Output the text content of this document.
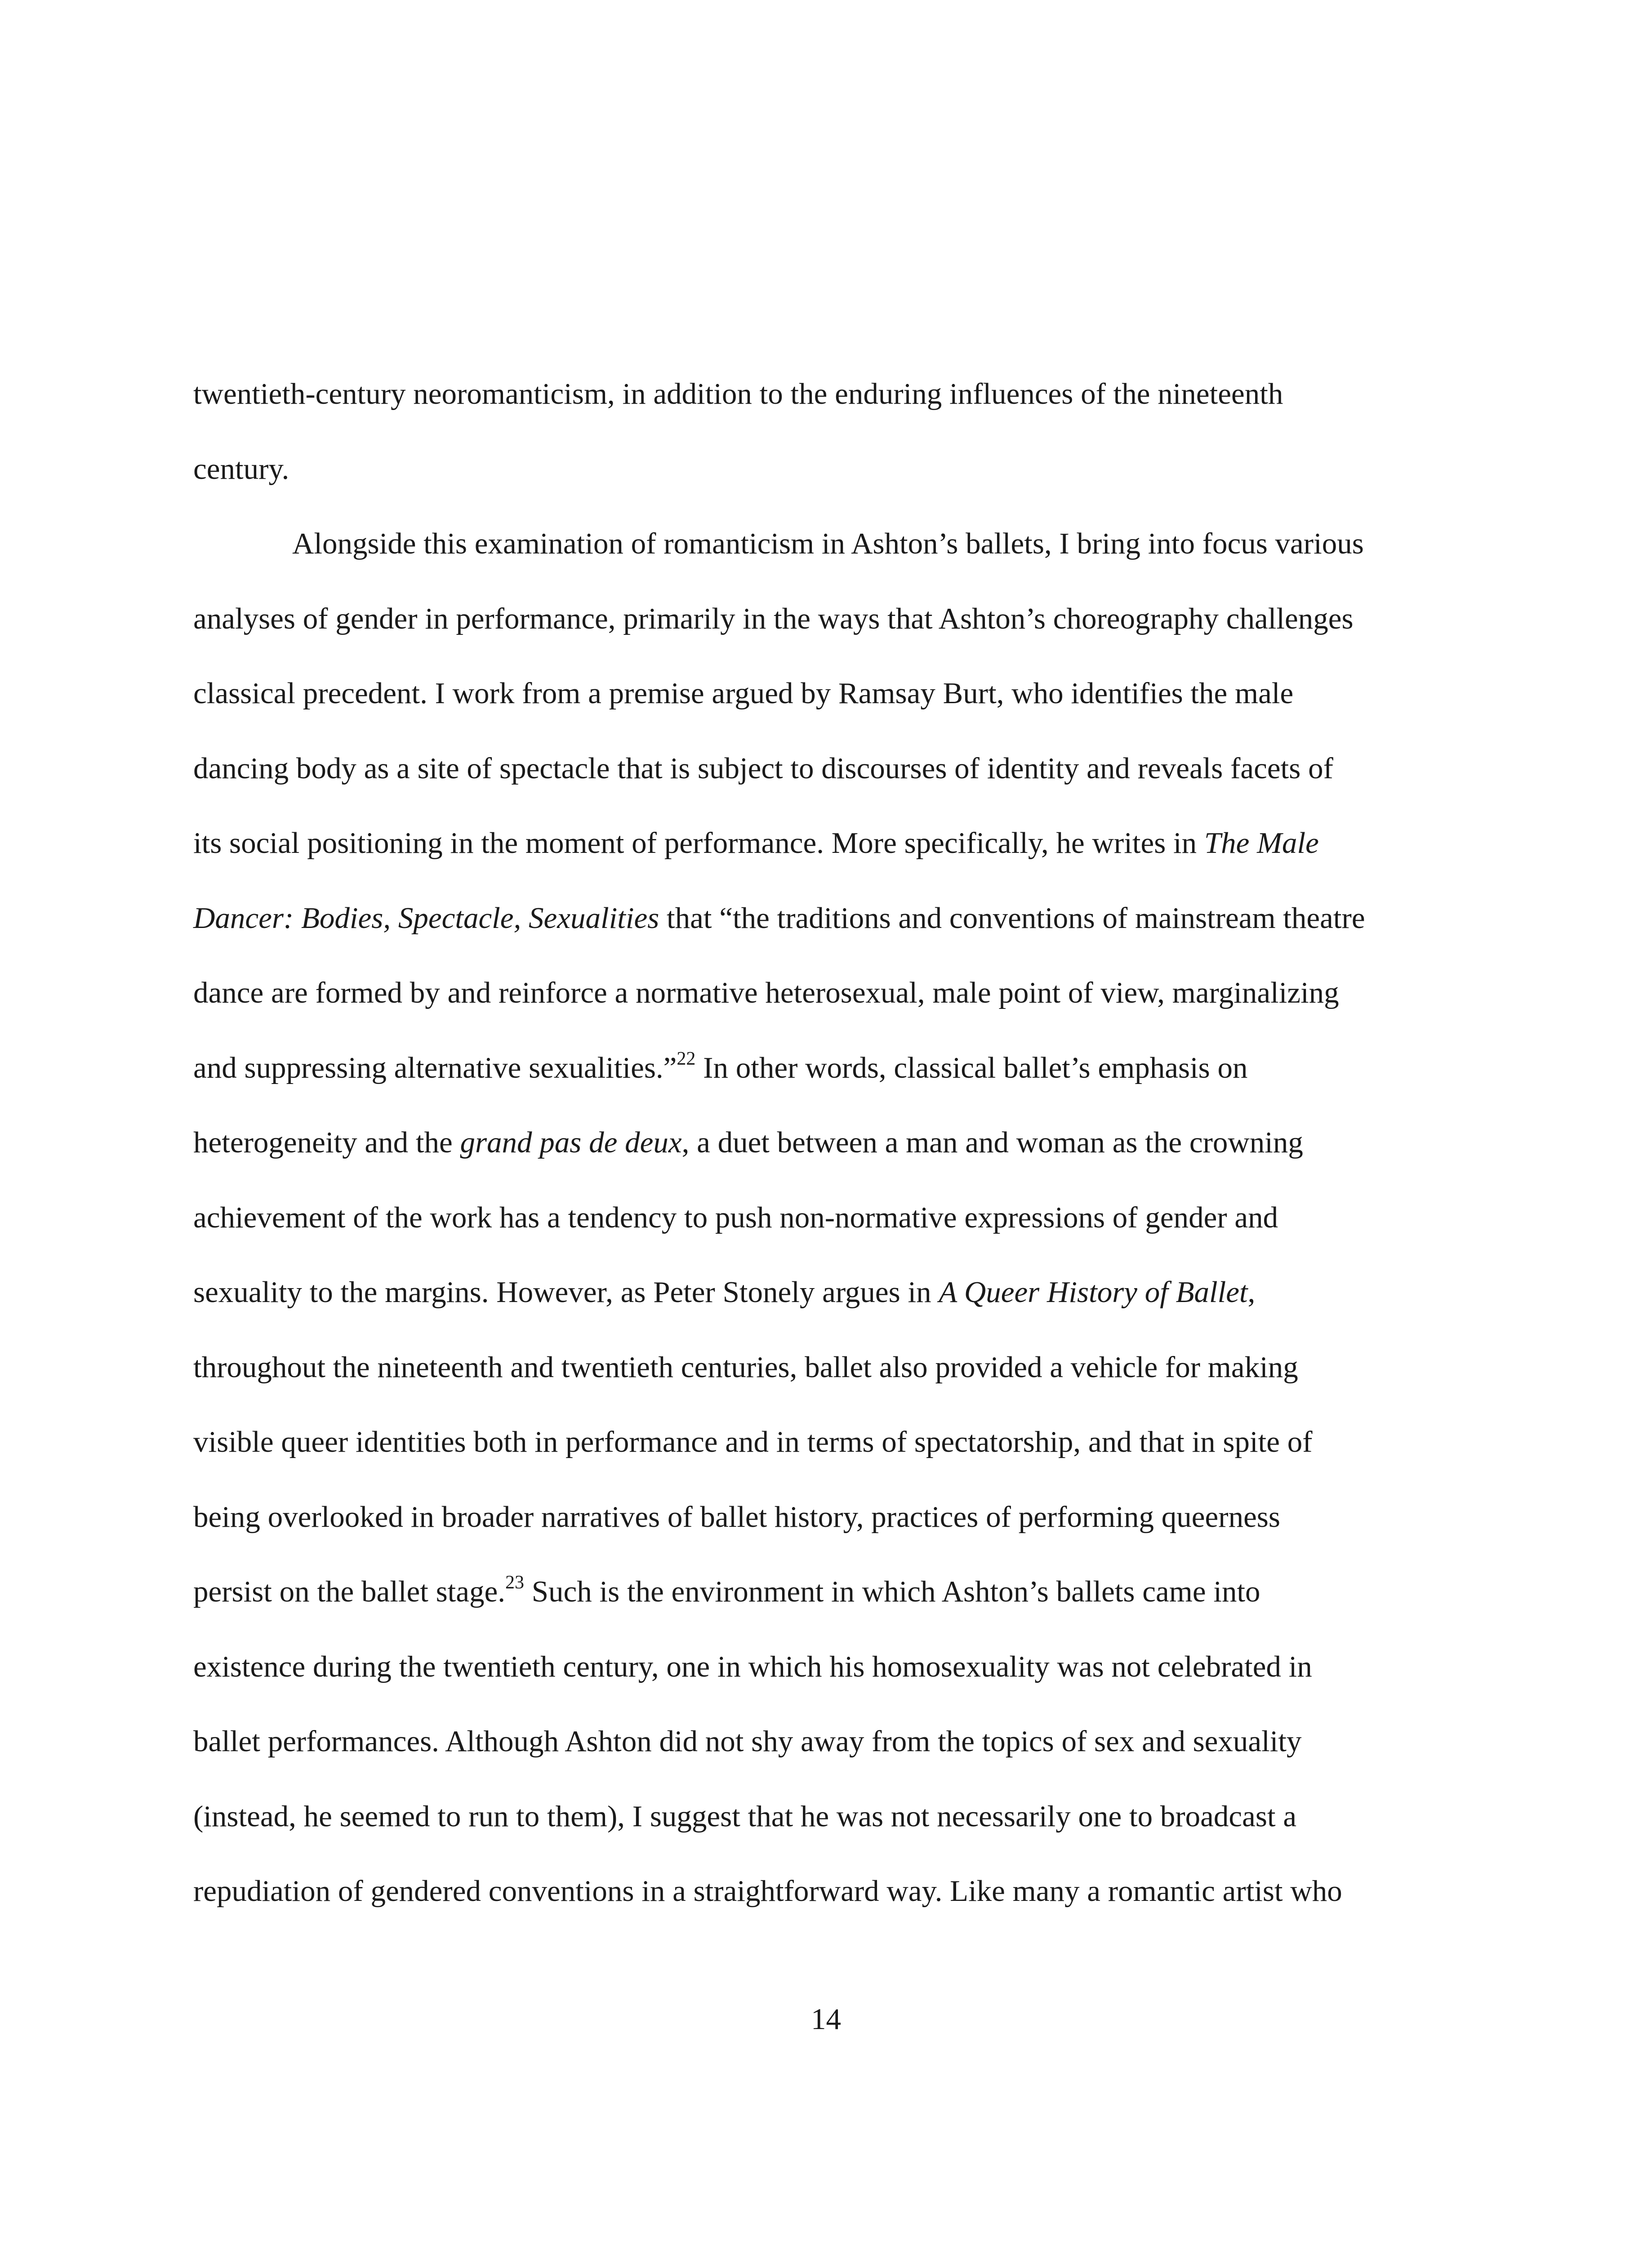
twentieth-century neoromanticism, in addition to the enduring influences of the nineteenth
century.
Alongside this examination of romanticism in Ashton’s ballets, I bring into focus various
analyses of gender in performance, primarily in the ways that Ashton’s choreography challenges
classical precedent. I work from a premise argued by Ramsay Burt, who identifies the male
dancing body as a site of spectacle that is subject to discourses of identity and reveals facets of
its social positioning in the moment of performance. More specifically, he writes in The Male
Dancer: Bodies, Spectacle, Sexualities that “the traditions and conventions of mainstream theatre
dance are formed by and reinforce a normative heterosexual, male point of view, marginalizing
and suppressing alternative sexualities.”$^{22}$ In other words, classical ballet’s emphasis on
heterogeneity and the grand pas de deux, a duet between a man and woman as the crowning
achievement of the work has a tendency to push non-normative expressions of gender and
sexuality to the margins. However, as Peter Stonely argues in A Queer History of Ballet,
throughout the nineteenth and twentieth centuries, ballet also provided a vehicle for making
visible queer identities both in performance and in terms of spectatorship, and that in spite of
being overlooked in broader narratives of ballet history, practices of performing queerness
persist on the ballet stage.$^{23}$ Such is the environment in which Ashton’s ballets came into
existence during the twentieth century, one in which his homosexuality was not celebrated in
ballet performances. Although Ashton did not shy away from the topics of sex and sexuality
(instead, he seemed to run to them), I suggest that he was not necessarily one to broadcast a
repudiation of gendered conventions in a straightforward way. Like many a romantic artist who
14
